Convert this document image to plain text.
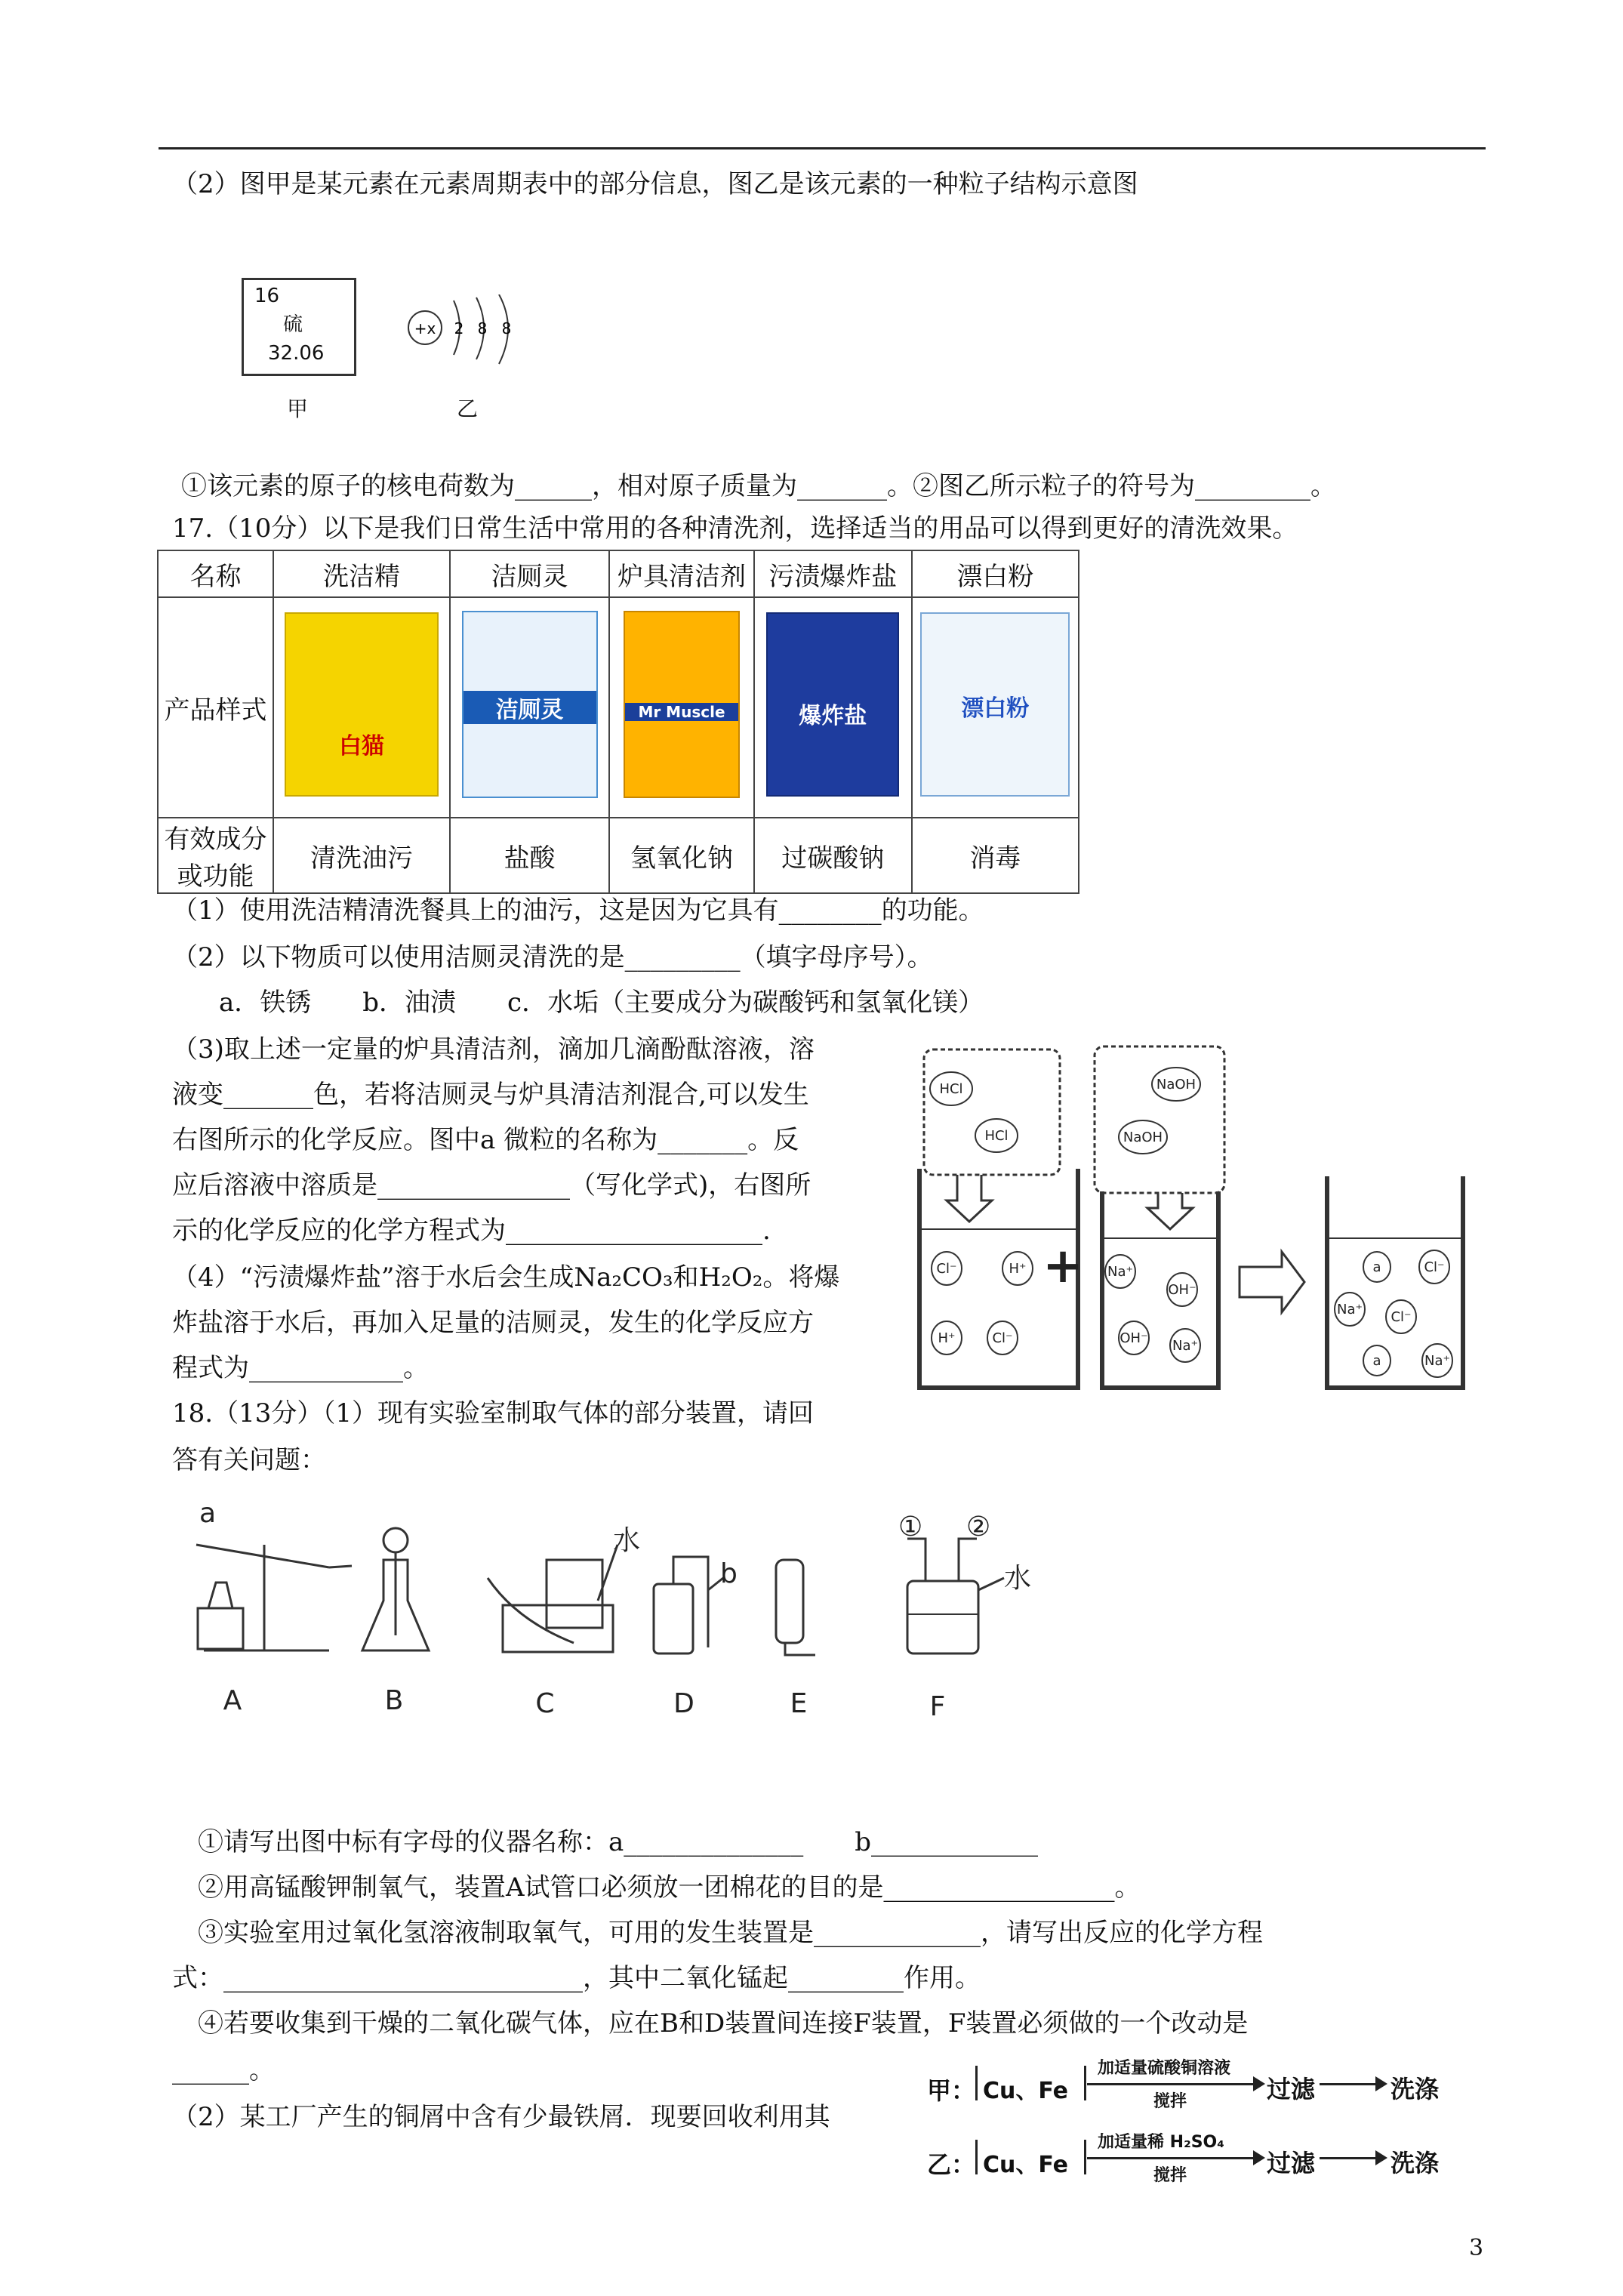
（2）图甲是某元素在元素周期表中的部分信息，图乙是该元素的一种粒子结构示意图
16
硫
32.06
甲
+x 2 8 8
乙
①该元素的原子的核电荷数为______，相对原子质量为_______。②图乙所示粒子的符号为_________。
17.（10分）以下是我们日常生活中常用的各种清洗剂，选择适当的用品可以得到更好的清洗效果。
名称	洗洁精	洁厕灵	炉具清洁剂	污渍爆炸盐	漂白粉
产品样式	白猫	洁厕灵	Mr Muscle	爆炸盐	漂白粉

有效成分或功能	清洗油污	盐酸	氢氧化钠	过碳酸钠	消毒
（1）使用洗洁精清洗餐具上的油污，这是因为它具有________的功能。
（2）以下物质可以使用洁厕灵清洗的是_________（填字母序号）。
a．铁锈　　b．油渍　　c．水垢（主要成分为碳酸钙和氢氧化镁）
（3)取上述一定量的炉具清洁剂，滴加几滴酚酞溶液，溶
液变_______色，若将洁厕灵与炉具清洁剂混合,可以发生
右图所示的化学反应。图中a 微粒的名称为_______。反
应后溶液中溶质是_______________（写化学式)，右图所
示的化学反应的化学方程式为____________________.
（4）“污渍爆炸盐”溶于水后会生成Na₂CO₃和H₂O₂。将爆
炸盐溶于水后，再加入足量的洁厕灵，发生的化学反应方
程式为____________。
HCl
HCl
Cl⁻	H⁺
H⁺	Cl⁻
+
NaOH
NaOH
Na⁺
OH⁻
OH⁻ Na⁺
a	Cl⁻
Na⁺ Cl⁻
a	Na⁺
18.（13分）（1）现有实验室制取气体的部分装置，请回
答有关问题：
a
b
水	① ②
水
A	B	C	D	E	F
①请写出图中标有字母的仪器名称：a______________　　b_____________
②用高锰酸钾制氧气，装置A试管口必须放一团棉花的目的是__________________。
③实验室用过氧化氢溶液制取氧气，可用的发生装置是_____________，请写出反应的化学方程
式：____________________________，其中二氧化锰起_________作用。
④若要收集到干燥的二氧化碳气体，应在B和D装置间连接F装置，F装置必须做的一个改动是
______。
（2）某工厂产生的铜屑中含有少最铁屑．现要回收利用其
甲： Cu、Fe
加适量硫酸铜溶液
搅拌	过滤	洗涤
乙： Cu、Fe
加适量稀 H₂SO₄
搅拌	过滤	洗涤
3
